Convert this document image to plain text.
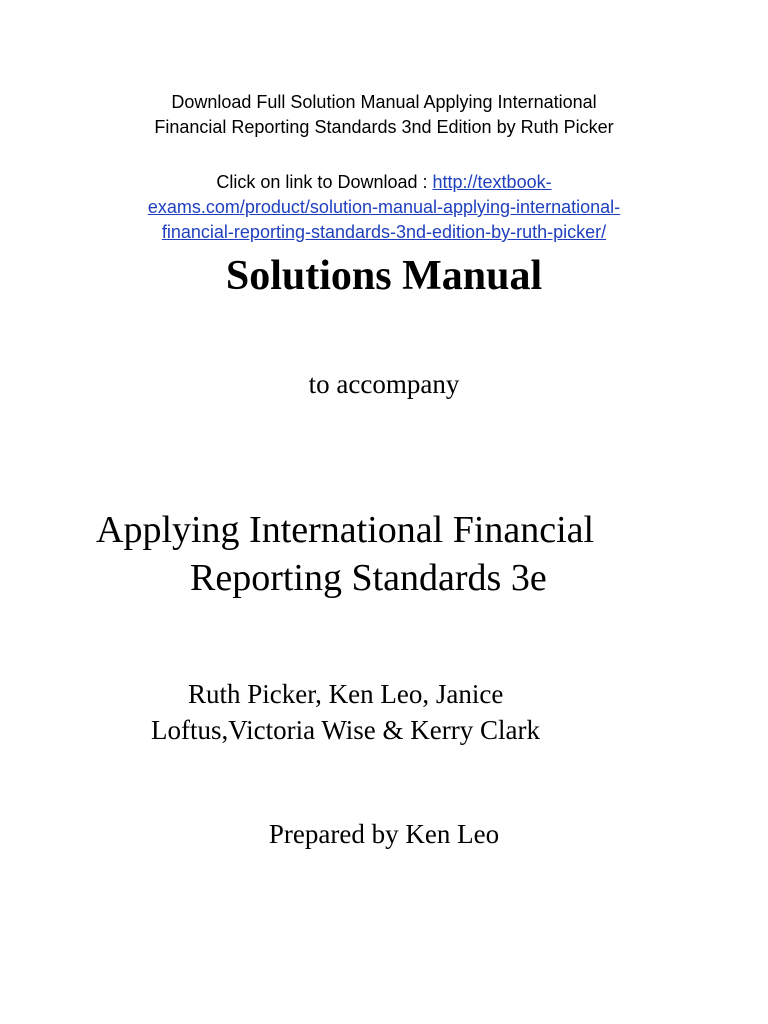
Download Full Solution Manual Applying International
Financial Reporting Standards 3nd Edition by Ruth Picker
Click on link to Download : http://textbook-
exams.com/product/solution-manual-applying-international-
financial-reporting-standards-3nd-edition-by-ruth-picker/
Solutions Manual
to accompany
Applying International Financial
Reporting Standards 3e
Ruth Picker, Ken Leo, Janice
Loftus,Victoria Wise & Kerry Clark
Prepared by Ken Leo
